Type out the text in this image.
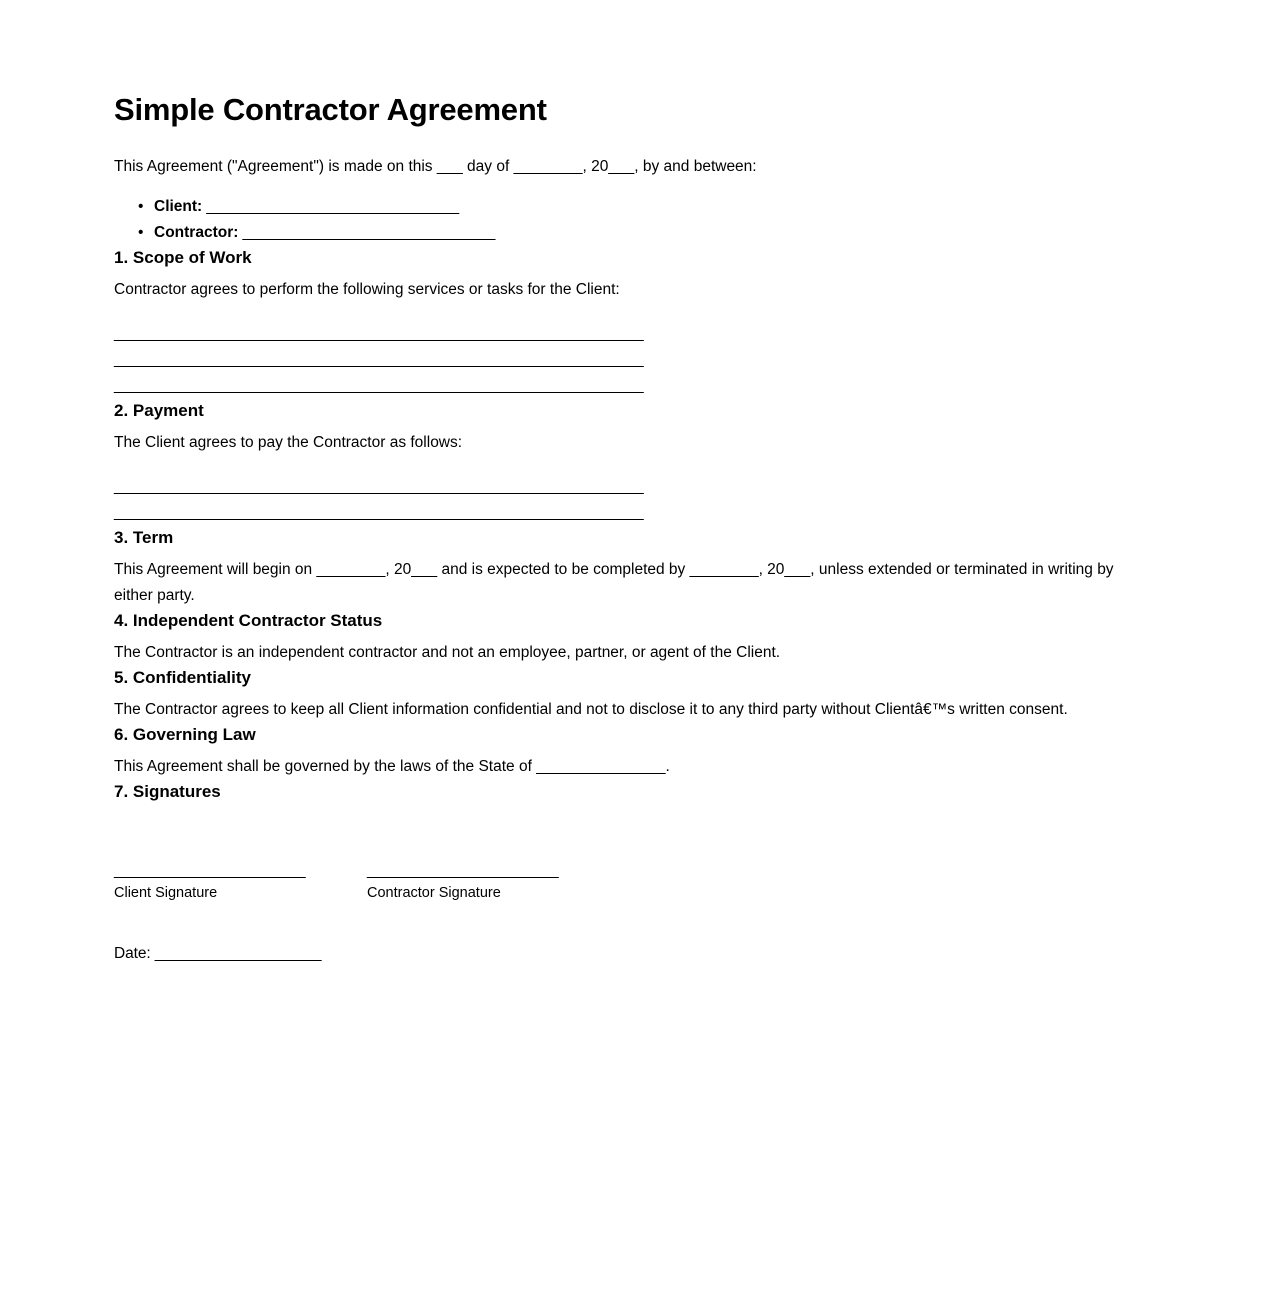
Simple Contractor Agreement

This Agreement ("Agreement") is made on this ___ day of ________, 20___, by and between:

• Client: ______________________________
• Contractor: ______________________________
1. Scope of Work

Contractor agrees to perform the following services or tasks for the Client:

________________________________________________________________
________________________________________________________________
________________________________________________________________
2. Payment

The Client agrees to pay the Contractor as follows:

________________________________________________________________
________________________________________________________________
3. Term

This Agreement will begin on ________, 20___ and is expected to be completed by ________, 20___, unless extended or terminated in writing by either party.

4. Independent Contractor Status

The Contractor is an independent contractor and not an employee, partner, or agent of the Client.

5. Confidentiality

The Contractor agrees to keep all Client information confidential and not to disclose it to any third party without Clientâ€™s written consent.

6. Governing Law

This Agreement shall be governed by the laws of the State of _______________.

7. Signatures
_______________________
Client Signature
_______________________
Contractor Signature
Date: ____________________
